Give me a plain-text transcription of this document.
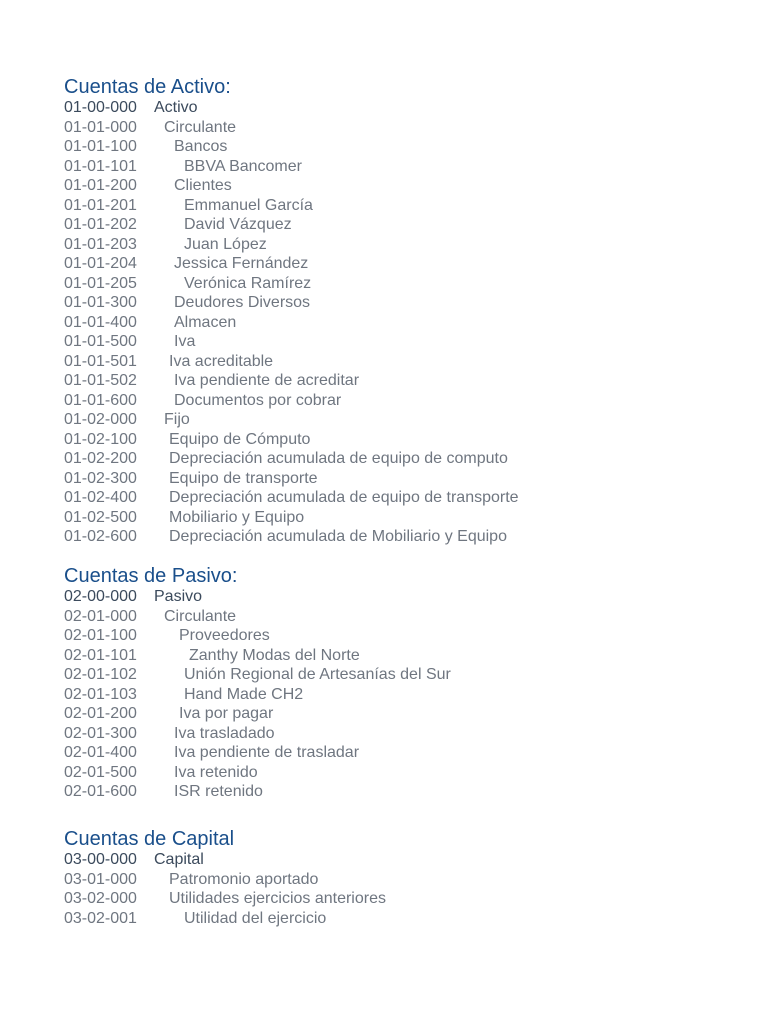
Cuentas de Activo:
01-00-000 Activo
01-01-000 Circulante
01-01-100 Bancos
01-01-101	BBVA Bancomer
01-01-200 Clientes
01-01-201	Emmanuel García
01-01-202	David Vázquez
01-01-203	Juan López
01-01-204 Jessica Fernández
01-01-205	Verónica Ramírez
01-01-300 Deudores Diversos
01-01-400 Almacen
01-01-500 Iva
01-01-501 Iva acreditable
01-01-502 Iva pendiente de acreditar
01-01-600 Documentos por cobrar
01-02-000 Fijo
01-02-100 Equipo de Cómputo
01-02-200 Depreciación acumulada de equipo de computo
01-02-300 Equipo de transporte
01-02-400 Depreciación acumulada de equipo de transporte
01-02-500 Mobiliario y Equipo
01-02-600 Depreciación acumulada de Mobiliario y Equipo
Cuentas de Pasivo:
02-00-000 Pasivo
02-01-000 Circulante
02-01-100	Proveedores
02-01-101	Zanthy Modas del Norte
02-01-102	Unión Regional de Artesanías del Sur
02-01-103	Hand Made CH2
02-01-200	Iva por pagar
02-01-300 Iva trasladado
02-01-400 Iva pendiente de trasladar
02-01-500 Iva retenido
02-01-600 ISR retenido
Cuentas de Capital
03-00-000 Capital
03-01-000 Patromonio aportado
03-02-000 Utilidades ejercicios anteriores
03-02-001	Utilidad del ejercicio
